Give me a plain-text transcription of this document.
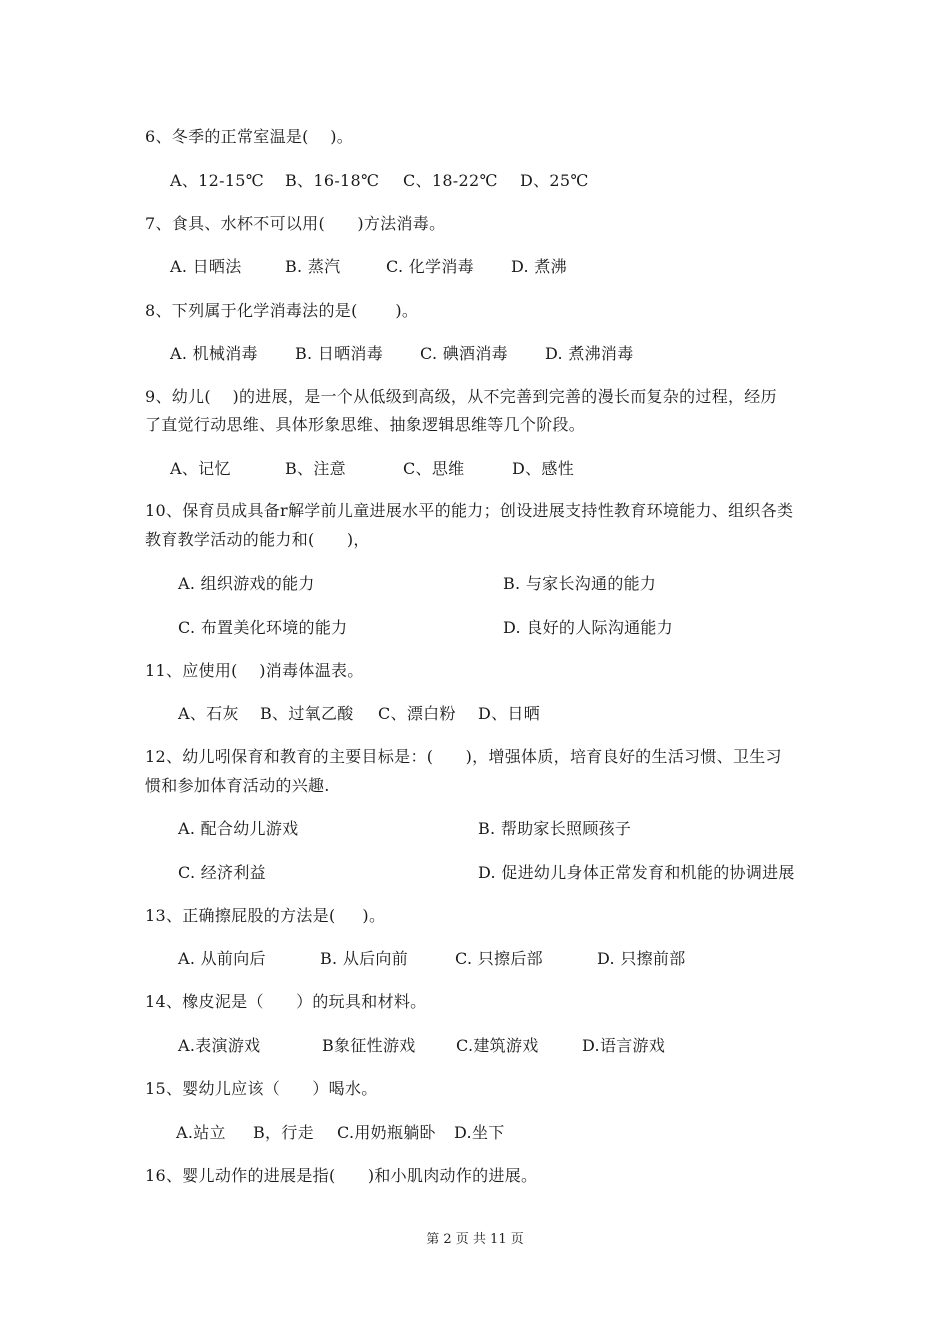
6、冬季的正常室温是(    )。
A、12-15℃ B、16-18℃ C、18-22℃ D、25℃
7、食具、水杯不可以用(      )方法消毒。
A. 日晒法	B. 蒸汽	C. 化学消毒 D. 煮沸
8、下列属于化学消毒法的是(       )。
A. 机械消毒 B. 日晒消毒 C. 碘酒消毒 D. 煮沸消毒
9、幼儿(    )的进展，是一个从低级到高级，从不完善到完善的漫长而复杂的过程，经历
了直觉行动思维、具体形象思维、抽象逻辑思维等几个阶段。
A、记忆	B、注意	C、思维	D、感性
10、保育员成具备r解学前儿童进展水平的能力；创设进展支持性教育环境能力、组织各类
教育教学活动的能力和(      )，
A. 组织游戏的能力	B. 与家长沟通的能力
C. 布置美化环境的能力	D. 良好的人际沟通能力
11、应使用(    )消毒体温表。
A、石灰 B、过氧乙酸 C、漂白粉 D、日晒
12、幼儿吲保育和教育的主要目标是：(      )，增强体质，培育良好的生活习惯、卫生习
惯和参加体育活动的兴趣.
A. 配合幼儿游戏	B. 帮助家长照顾孩子
C. 经济利益	D. 促进幼儿身体正常发育和机能的协调进展
13、正确擦屁股的方法是(     )。
A. 从前向后	B. 从后向前	C. 只擦后部	D. 只擦前部
14、橡皮泥是（      ）的玩具和材料。
A.表演游戏	B象征性游戏	C.建筑游戏	D.语言游戏
15、婴幼儿应该（      ）喝水。
A.站立 B，行走 C.用奶瓶躺卧 D.坐下
16、婴儿动作的进展是指(      )和小肌肉动作的进展。
第 2 页 共 11 页
